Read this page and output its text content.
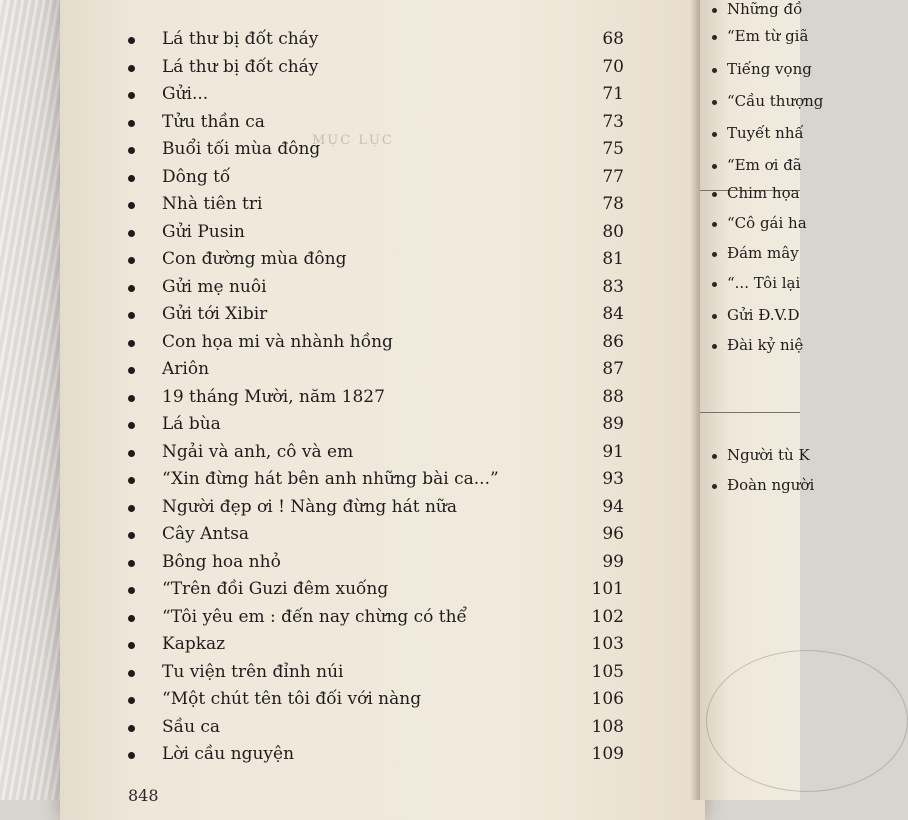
MỤC LỤC
Lá thư bị đốt cháy	68
Lá thư bị đốt cháy	70
Gửi...	71
Tửu thần ca	73
Buổi tối mùa đông	75
Dông tố	77
Nhà tiên tri	78
Gửi Pusin	80
Con đường mùa đông	81
Gửi mẹ nuôi	83
Gửi tới Xibir	84
Con họa mi và nhành hồng	86
Ariôn	87
19 tháng Mười, năm 1827	88
Lá bùa	89
Ngải và anh, cô và em	91
“Xin đừng hát bên anh những bài ca...”	93
Người đẹp ơi ! Nàng đừng hát nữa	94
Cây Antsa	96
Bông hoa nhỏ	99
“Trên đồi Guzi đêm xuống	101
“Tôi yêu em : đến nay chừng có thể	102
Kapkaz	103
Tu viện trên đỉnh núi	105
“Một chút tên tôi đối với nàng	106
Sầu ca	108
Lời cầu nguyện	109
848
Những đồ
“Em từ giã
Tiếng vọng
“Cầu thượng
Tuyết nhấ
“Em ơi đã
Chim họa
“Cô gái ha
Đám mây
“... Tôi lại
Gửi Đ.V.D
Đài kỷ niệ
Người tù K
Đoàn người
